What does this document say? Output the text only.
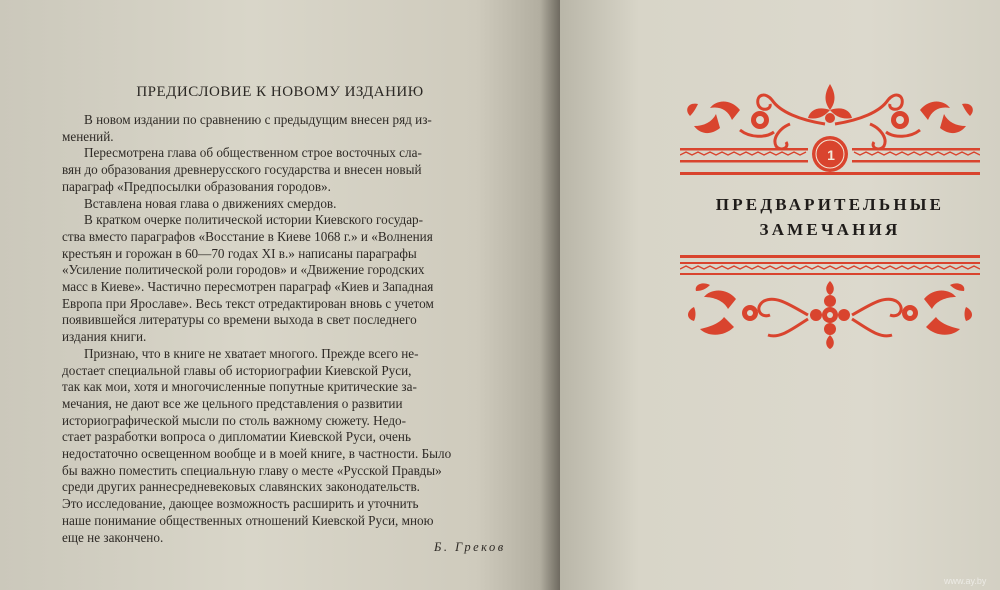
ПРЕДИСЛОВИЕ К НОВОМУ ИЗДАНИЮ
В новом издании по сравнению с предыдущим внесен ряд из-
менений.
Пересмотрена глава об общественном строе восточных сла-
вян до образования древнерусского государства и внесен новый
параграф «Предпосылки образования городов».
Вставлена новая глава о движениях смердов.
В кратком очерке политической истории Киевского государ-
ства вместо параграфов «Восстание в Киеве 1068 г.» и «Волнения
крестьян и горожан в 60—70 годах XI в.» написаны параграфы
«Усиление политической роли городов» и «Движение городских
масс в Киеве». Частично пересмотрен параграф «Киев и Западная
Европа при Ярославе». Весь текст отредактирован вновь с учетом
появившейся литературы со времени выхода в свет последнего
издания книги.
Признаю, что в книге не хватает многого. Прежде всего не-
достает специальной главы об историографии Киевской Руси,
так как мои, хотя и многочисленные попутные критические за-
мечания, не дают все же цельного представления о развитии
историографической мысли по столь важному сюжету. Недо-
стает разработки вопроса о дипломатии Киевской Руси, очень
недостаточно освещенном вообще и в моей книге, в частности. Было
бы важно поместить специальную главу о месте «Русской Правды»
среди других раннесредневековых славянских законодательств.
Это исследование, дающее возможность расширить и уточнить
наше понимание общественных отношений Киевской Руси, мною
еще не закончено.
Б. Греков
1
ПРЕДВАРИТЕЛЬНЫЕ
ЗАМЕЧАНИЯ
www.ay.by
